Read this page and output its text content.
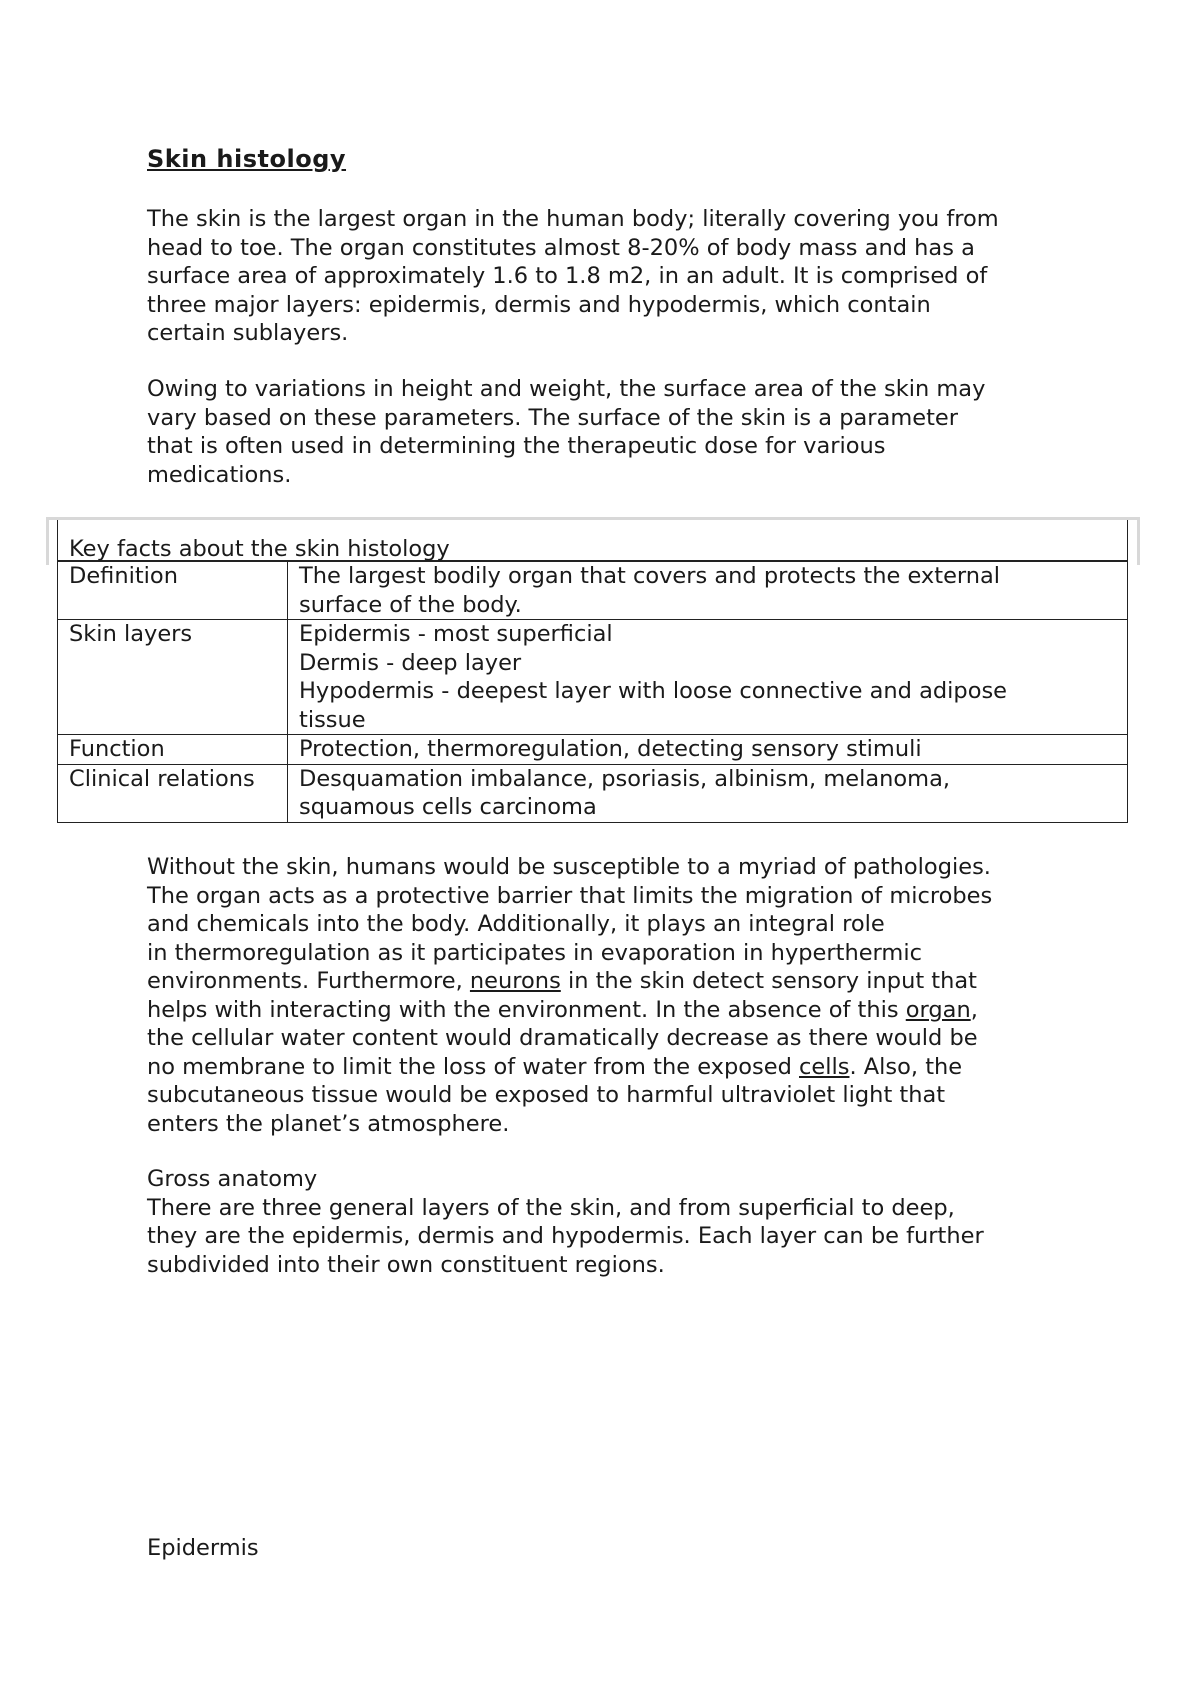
Skin histology

The skin is the largest organ in the human body; literally covering you from
head to toe. The organ constitutes almost 8-20% of body mass and has a
surface area of approximately 1.6 to 1.8 m2, in an adult. It is comprised of
three major layers: epidermis, dermis and hypodermis, which contain
certain sublayers.

Owing to variations in height and weight, the surface area of the skin may
vary based on these parameters. The surface of the skin is a parameter
that is often used in determining the therapeutic dose for various
medications.

Key facts about the skin histology	
Definition	The largest bodily organ that covers and protects the external
surface of the body.

Skin layers	Epidermis - most superficial
Dermis - deep layer
Hypodermis - deepest layer with loose connective and adipose
tissue

Function	Protection, thermoregulation, detecting sensory stimuli

Clinical relations	Desquamation imbalance, psoriasis, albinism, melanoma,
squamous cells carcinoma

Without the skin, humans would be susceptible to a myriad of pathologies.
The organ acts as a protective barrier that limits the migration of microbes
and chemicals into the body. Additionally, it plays an integral role
in thermoregulation as it participates in evaporation in hyperthermic
environments. Furthermore, neurons in the skin detect sensory input that
helps with interacting with the environment. In the absence of this organ,
the cellular water content would dramatically decrease as there would be
no membrane to limit the loss of water from the exposed cells. Also, the
subcutaneous tissue would be exposed to harmful ultraviolet light that
enters the planet’s atmosphere.

Gross anatomy
There are three general layers of the skin, and from superficial to deep,
they are the epidermis, dermis and hypodermis. Each layer can be further
subdivided into their own constituent regions.
Epidermis
